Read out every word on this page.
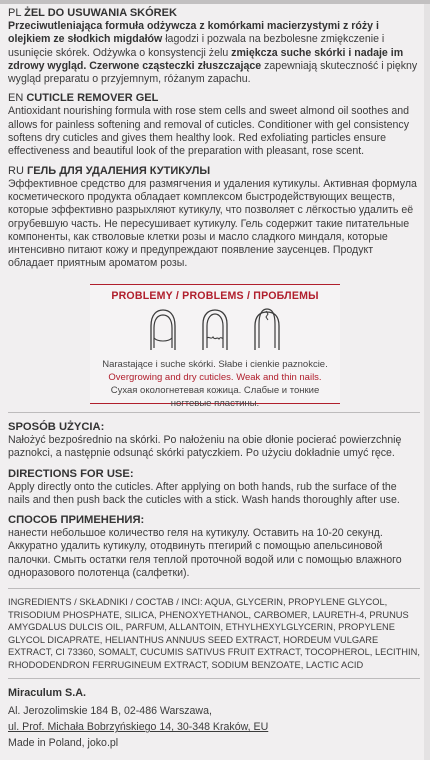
PL ŻEL DO USUWANIA SKÓREK

Przeciwutleniająca formuła odżywcza z komórkami macierzystymi z róży i olejkiem ze słodkich migdałów łagodzi i pozwala na bezbolesne zmiękczenie i usunięcie skórek. Odżywka o konsystencji żelu zmiękcza suche skórki i nadaje im zdrowy wygląd. Czerwone cząsteczki złuszczające zapewniają skuteczność i piękny wygląd preparatu o przyjemnym, różanym zapachu.

EN CUTICLE REMOVER GEL

Antioxidant nourishing formula with rose stem cells and sweet almond oil soothes and allows for painless softening and removal of cuticles. Conditioner with gel consistency softens dry cuticles and gives them healthy look. Red exfoliating particles ensure effectiveness and beautiful look of the preparation with pleasant, rose scent.

RU ГЕЛЬ ДЛЯ УДАЛЕНИЯ КУТИКУЛЫ

Эффективное средство для размягчения и удаления кутикулы. Активная формула косметического продукта обладает комплексом быстродействующих веществ, которые эффективно разрыхляют кутикулу, что позволяет с лёгкостью удалить её огрубевшую часть. Не пересушивает кутикулу. Гель содержит такие питательные компоненты, как стволовые клетки розы и масло сладкого миндаля, которые интенсивно питают кожу и предупреждают появление заусенцев. Продукт обладает приятным ароматом розы.

PROBLEMY / PROBLEMS / ПРОБЛЕМЫ
Narastające i suche skórki. Słabe i cienkie paznokcie.
Overgrowing and dry cuticles. Weak and thin nails.
Сухая окологнетевая кожица. Слабые и тонкие ногтевые пластины.

SPOSÓB UŻYCIA:

Nałożyć bezpośrednio na skórki. Po nałożeniu na obie dłonie pocierać powierzchnię paznokci, a następnie odsunąć skórki patyczkiem. Po użyciu dokładnie umyć ręce.

DIRECTIONS FOR USE:

Apply directly onto the cuticles. After applying on both hands, rub the surface of the nails and then push back the cuticles with a stick. Wash hands thoroughly after use.

СПОСОБ ПРИМЕНЕНИЯ:

нанести небольшое количество геля на кутикулу. Оставить на 10-20 секунд. Аккуратно удалить кутикулу, отодвинуть птегирий с помощью апельсиновой палочки. Смыть остатки геля теплой проточной водой или с помощью влажного одноразового полотенца (салфетки).

INGREDIENTS / SKŁADNIKI / COCTAB / INCI: AQUA, GLYCERIN, PROPYLENE GLYCOL, TRISODIUM PHOSPHATE, SILICA, PHENOXYETHANOL, CARBOMER, LAURETH-4, PRUNUS AMYGDALUS DULCIS OIL, PARFUM, ALLANTOIN, ETHYLHEXYLGLYCERIN, PROPYLENE GLYCOL DICAPRATE, HELIANTHUS ANNUUS SEED EXTRACT, HORDEUM VULGARE EXTRACT, CI 73360, SOMALT, CUCUMIS SATIVUS FRUIT EXTRACT, TOCOPHEROL, LECITHIN, RHODODENDRON FERRUGINEUM EXTRACT, SODIUM BENZOATE, LACTIC ACID

Miraculum S.A.

Al. Jerozolimskie 184 B, 02-486 Warszawa,

ul. Prof. Michała Bobrzyńskiego 14, 30-348 Kraków, EU

Made in Poland, joko.pl
